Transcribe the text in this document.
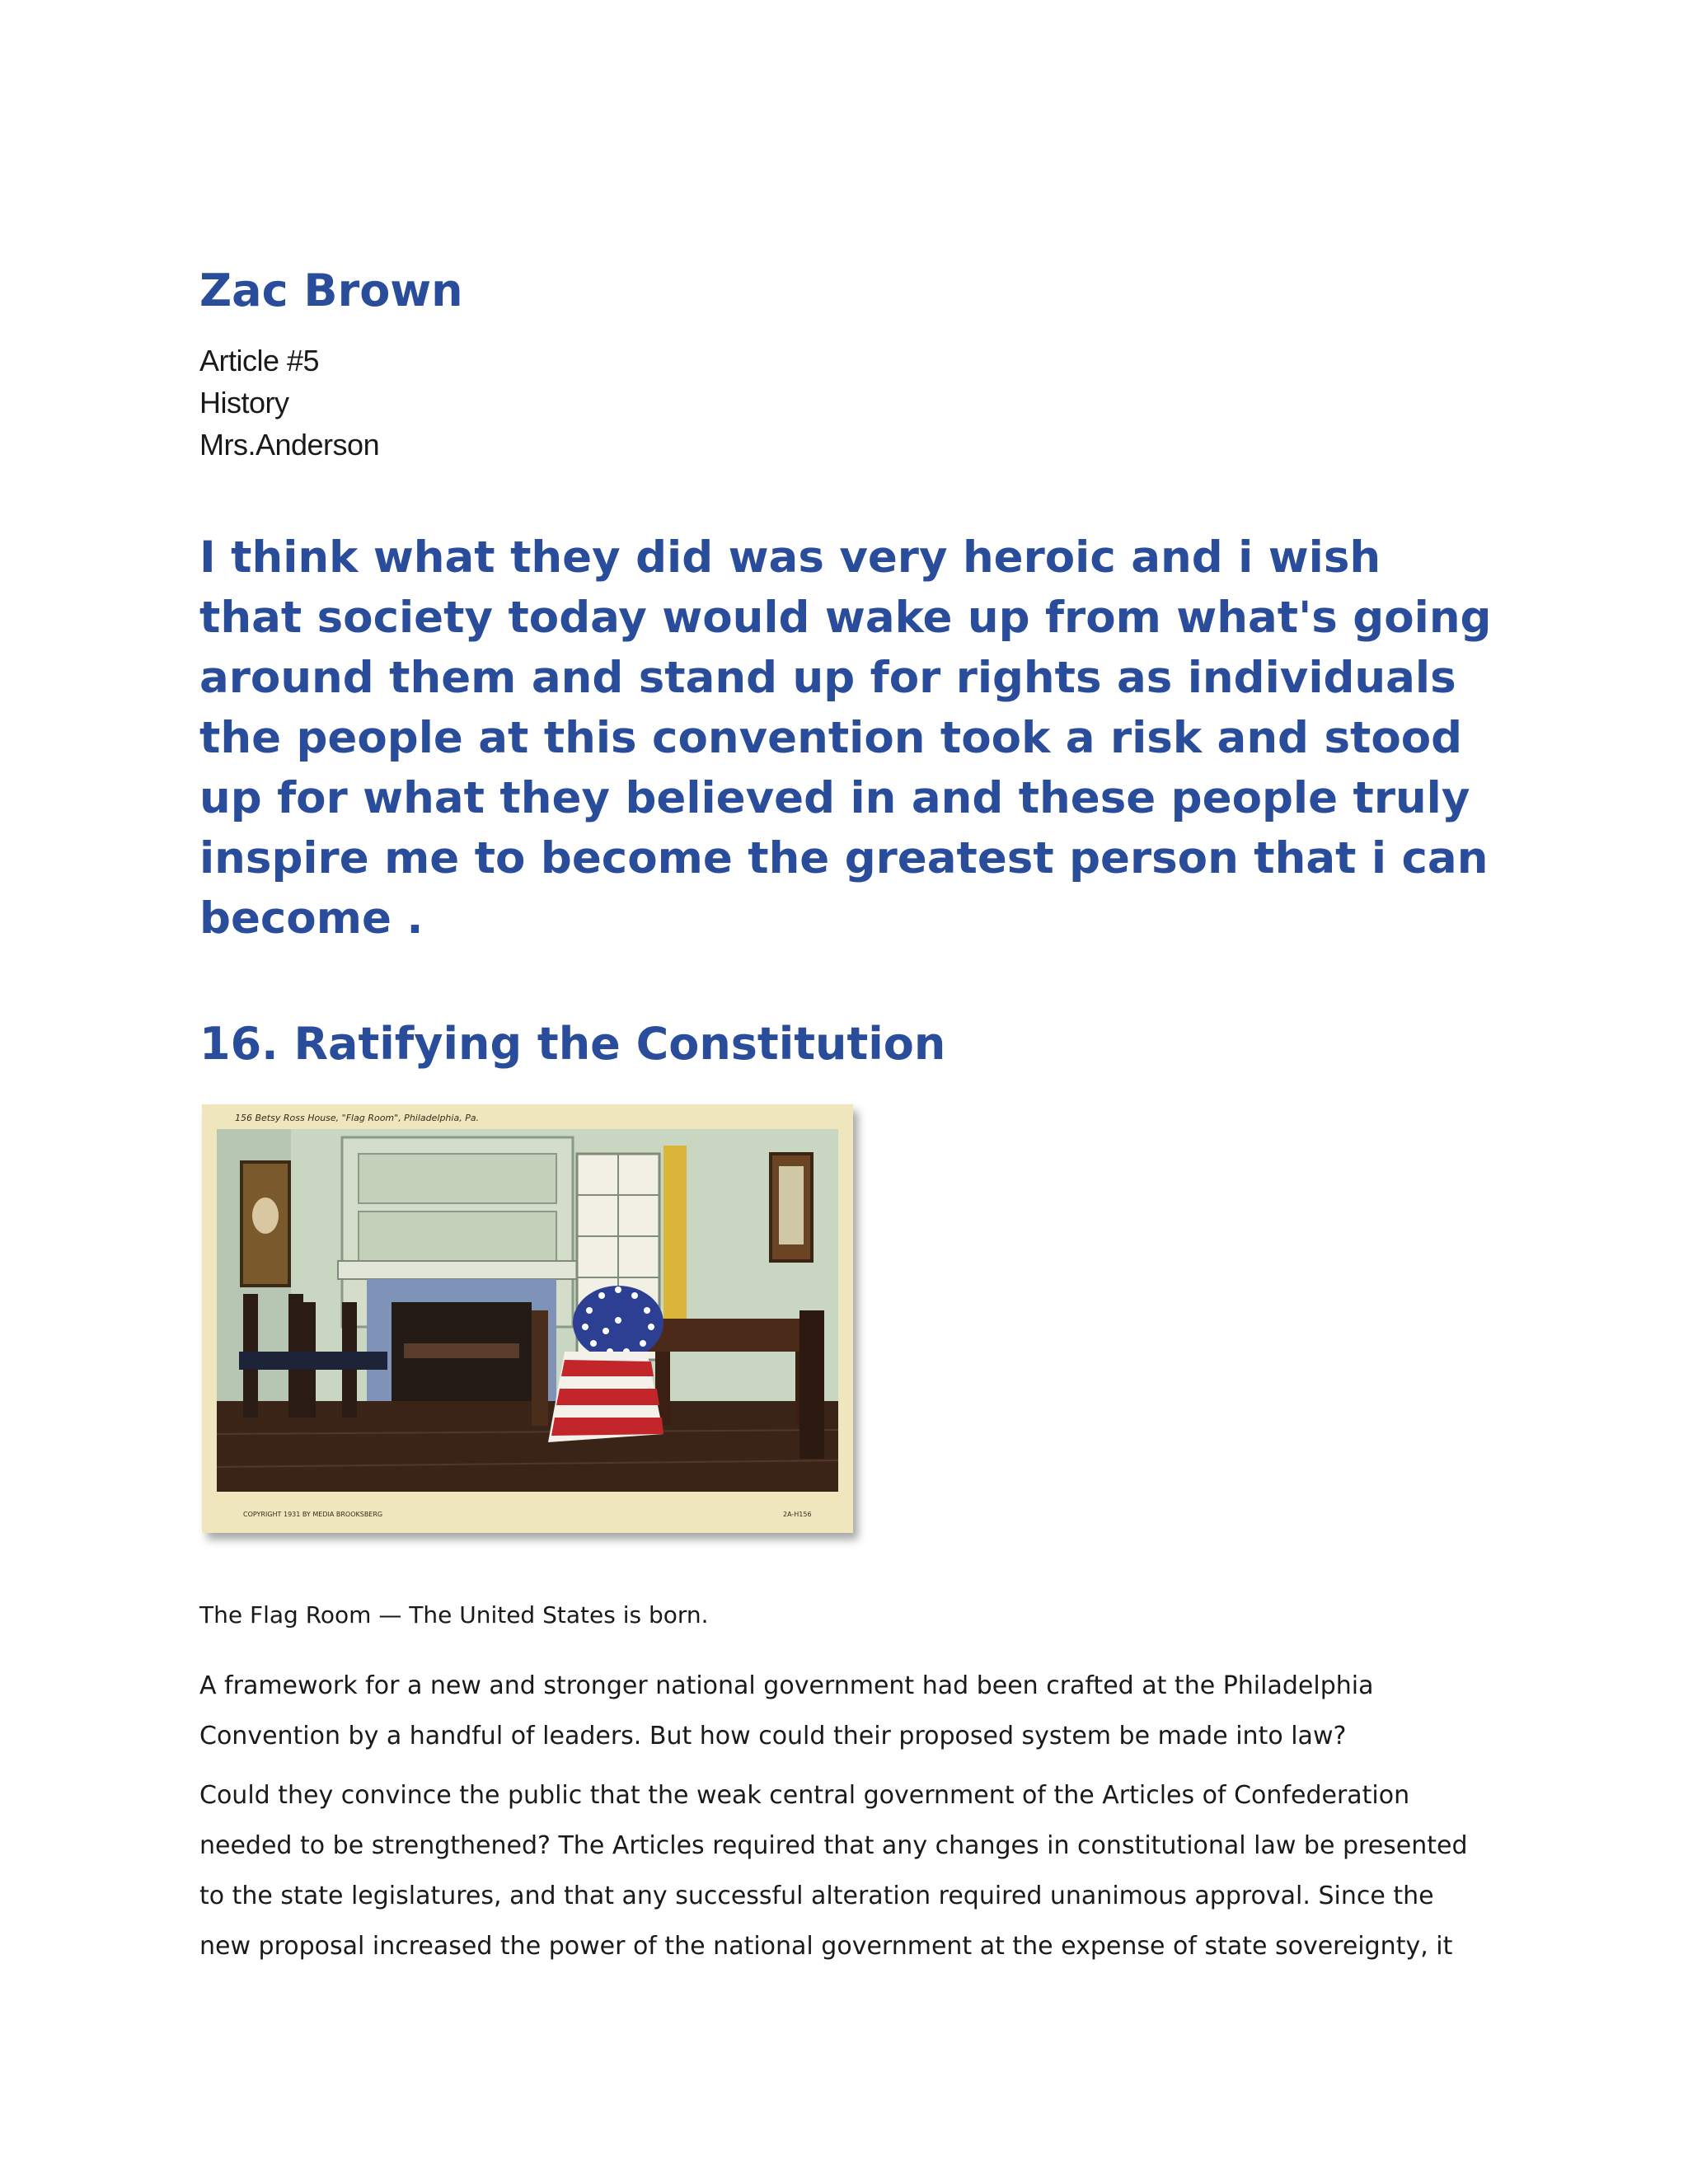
Zac Brown
Article #5
History
Mrs.Anderson

I think what they did was very heroic and i wish
that society today would wake up from what's going
around them and stand up for rights as individuals
the people at this convention took a risk and stood
up for what they believed in and these people truly
inspire me to become the greatest person that i can
become .

16. Ratifying the Constitution
156 Betsy Ross House, "Flag Room", Philadelphia, Pa.
COPYRIGHT 1931 BY MEDIA BROOKSBERG	2A-H156
The Flag Room — The United States is born.
A framework for a new and stronger national government had been crafted at the Philadelphia
Convention by a handful of leaders. But how could their proposed system be made into law?
Could they convince the public that the weak central government of the Articles of Confederation
needed to be strengthened? The Articles required that any changes in constitutional law be presented
to the state legislatures, and that any successful alteration required unanimous approval. Since the
new proposal increased the power of the national government at the expense of state sovereignty, it
